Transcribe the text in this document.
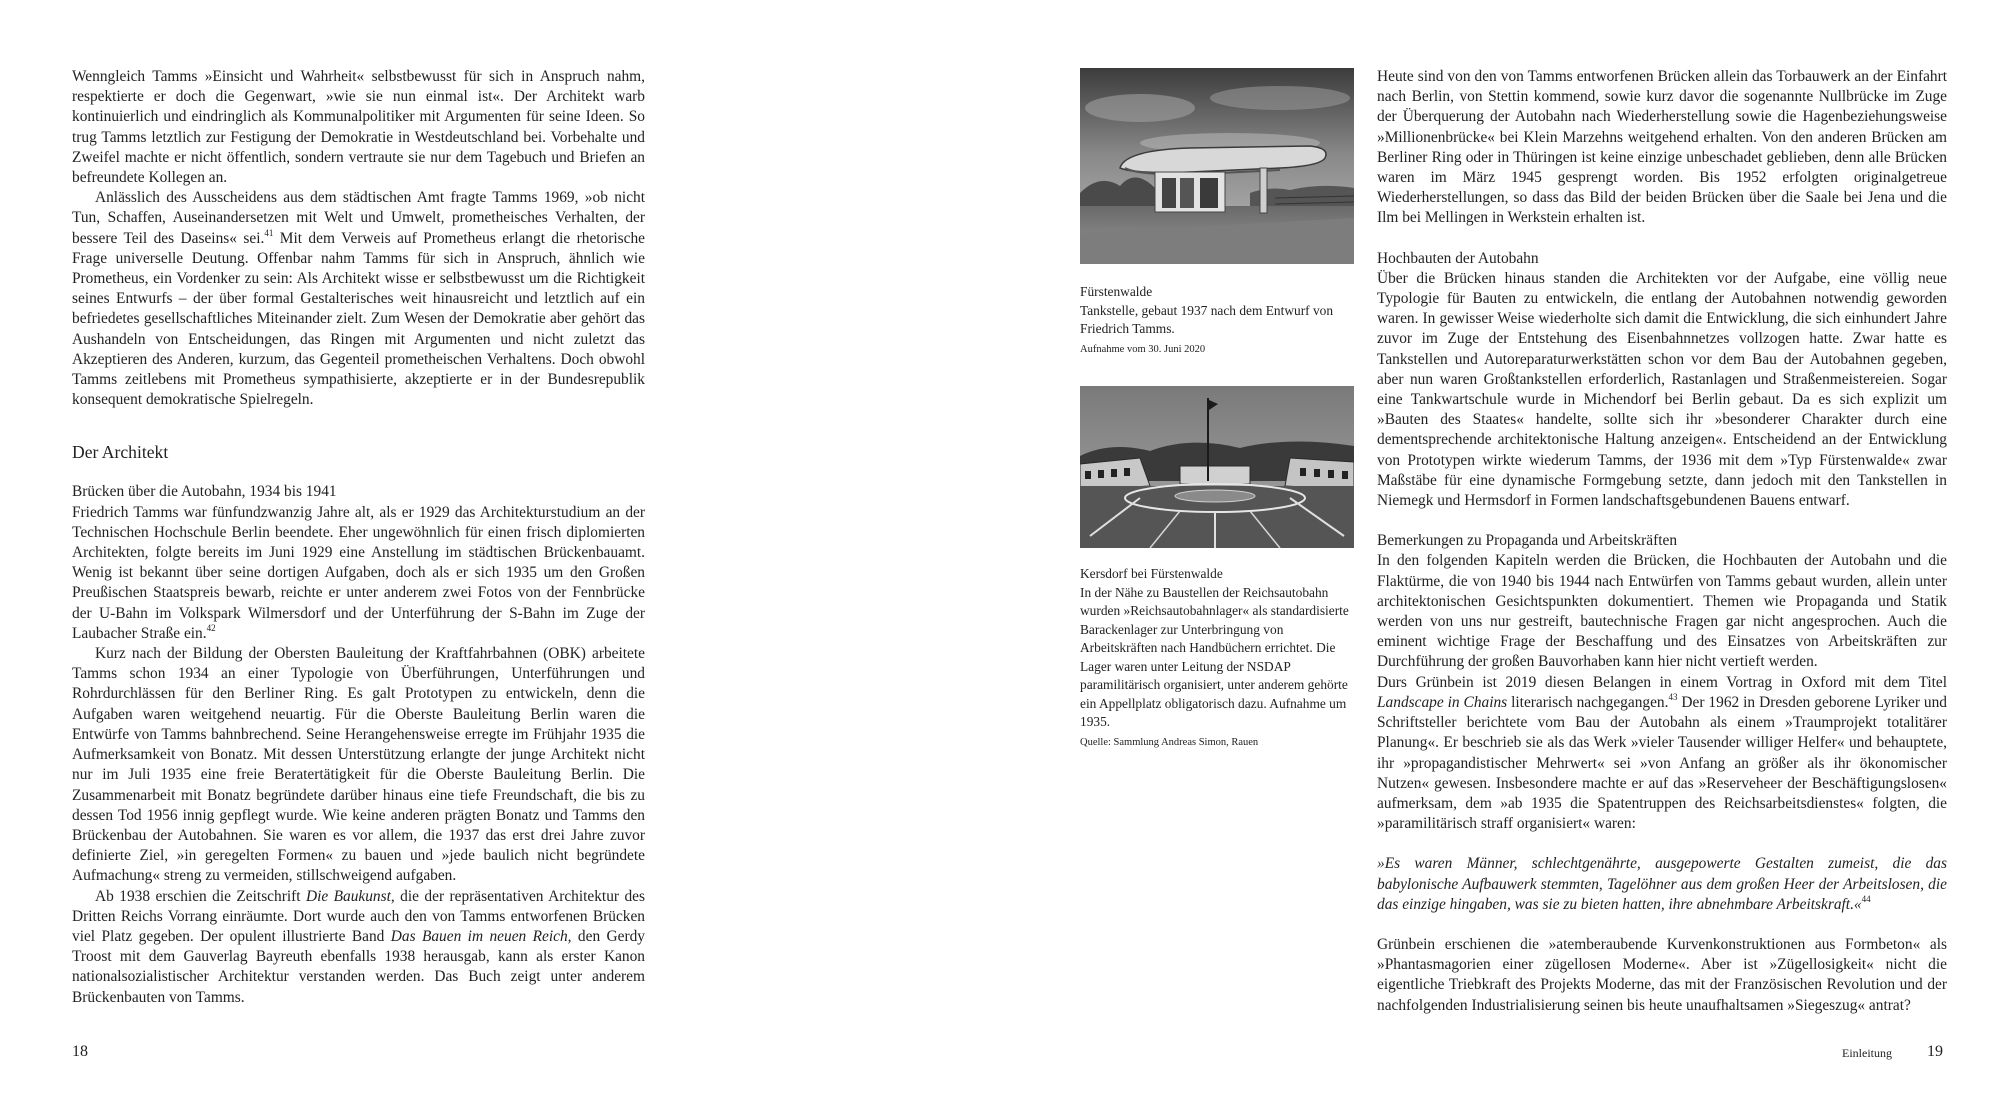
Wenngleich Tamms »Einsicht und Wahrheit« selbstbewusst für sich in Anspruch nahm, respektierte er doch die Gegenwart, »wie sie nun einmal ist«. Der Architekt warb kontinuierlich und eindringlich als Kommunalpolitiker mit Argumenten für seine Ideen. So trug Tamms letztlich zur Festigung der Demokratie in Westdeutschland bei. Vorbehalte und Zweifel machte er nicht öffentlich, sondern vertraute sie nur dem Tagebuch und Briefen an befreundete Kollegen an.

Anlässlich des Ausscheidens aus dem städtischen Amt fragte Tamms 1969, »ob nicht Tun, Schaffen, Auseinandersetzen mit Welt und Umwelt, prometheisches Verhalten, der bessere Teil des Daseins« sei.$^{41}$ Mit dem Verweis auf Prometheus erlangt die rhetorische Frage universelle Deutung. Offenbar nahm Tamms für sich in Anspruch, ähnlich wie Prometheus, ein Vordenker zu sein: Als Architekt wisse er selbstbewusst um die Richtigkeit seines Entwurfs – der über formal Gestalterisches weit hinausreicht und letztlich auf ein befriedetes gesellschaftliches Miteinander zielt. Zum Wesen der Demokratie aber gehört das Aushandeln von Entscheidungen, das Ringen mit Argumenten und nicht zuletzt das Akzeptieren des Anderen, kurzum, das Gegenteil prometheischen Verhaltens. Doch obwohl Tamms zeitlebens mit Prometheus sympathisierte, akzeptierte er in der Bundesrepublik konsequent demokratische Spielregeln.

Der Architekt
Brücken über die Autobahn, 1934 bis 1941

Friedrich Tamms war fünfundzwanzig Jahre alt, als er 1929 das Architekturstudium an der Technischen Hochschule Berlin beendete. Eher ungewöhnlich für einen frisch diplomierten Architekten, folgte bereits im Juni 1929 eine Anstellung im städtischen Brückenbauamt. Wenig ist bekannt über seine dortigen Aufgaben, doch als er sich 1935 um den Großen Preußischen Staatspreis bewarb, reichte er unter anderem zwei Fotos von der Fennbrücke der U-Bahn im Volkspark Wilmersdorf und der Unterführung der S-Bahn im Zuge der Laubacher Straße ein.$^{42}$

Kurz nach der Bildung der Obersten Bauleitung der Kraftfahrbahnen (OBK) arbeitete Tamms schon 1934 an einer Typologie von Überführungen, Unterführungen und Rohrdurchlässen für den Berliner Ring. Es galt Prototypen zu entwickeln, denn die Aufgaben waren weitgehend neuartig. Für die Oberste Bauleitung Berlin waren die Entwürfe von Tamms bahnbrechend. Seine Herangehensweise erregte im Frühjahr 1935 die Aufmerksamkeit von Bonatz. Mit dessen Unterstützung erlangte der junge Architekt nicht nur im Juli 1935 eine freie Beratertätigkeit für die Oberste Bauleitung Berlin. Die Zusammenarbeit mit Bonatz begründete darüber hinaus eine tiefe Freundschaft, die bis zu dessen Tod 1956 innig gepflegt wurde. Wie keine anderen prägten Bonatz und Tamms den Brückenbau der Autobahnen. Sie waren es vor allem, die 1937 das erst drei Jahre zuvor definierte Ziel, »in geregelten Formen« zu bauen und »jede baulich nicht begründete Aufmachung« streng zu vermeiden, stillschweigend aufgaben.

Ab 1938 erschien die Zeitschrift Die Baukunst, die der repräsentativen Architektur des Dritten Reichs Vorrang einräumte. Dort wurde auch den von Tamms entworfenen Brücken viel Platz gegeben. Der opulent illustrierte Band Das Bauen im neuen Reich, den Gerdy Troost mit dem Gauverlag Bayreuth ebenfalls 1938 herausgab, kann als erster Kanon nationalsozialistischer Architektur verstanden werden. Das Buch zeigt unter anderem Brückenbauten von Tamms.

18
Fürstenwalde
Tankstelle, gebaut 1937 nach dem Entwurf von Friedrich Tamms.
Aufnahme vom 30. Juni 2020
Kersdorf bei Fürstenwalde
In der Nähe zu Baustellen der Reichsautobahn wurden »Reichsautobahnlager« als standardisierte Barackenlager zur Unterbringung von Arbeitskräften nach Handbüchern errichtet. Die Lager waren unter Leitung der NSDAP paramilitärisch organisiert, unter anderem gehörte ein Appellplatz obligatorisch dazu. Aufnahme um 1935.
Quelle: Sammlung Andreas Simon, Rauen

Heute sind von den von Tamms entworfenen Brücken allein das Torbauwerk an der Einfahrt nach Berlin, von Stettin kommend, sowie kurz davor die sogenannte Nullbrücke im Zuge der Überquerung der Autobahn nach Wiederherstellung sowie die Hagenbeziehungsweise »Millionenbrücke« bei Klein Marzehns weitgehend erhalten. Von den anderen Brücken am Berliner Ring oder in Thüringen ist keine einzige unbeschadet geblieben, denn alle Brücken waren im März 1945 gesprengt worden. Bis 1952 erfolgten originalgetreue Wiederherstellungen, so dass das Bild der beiden Brücken über die Saale bei Jena und die Ilm bei Mellingen in Werkstein erhalten ist.

Hochbauten der Autobahn

Über die Brücken hinaus standen die Architekten vor der Aufgabe, eine völlig neue Typologie für Bauten zu entwickeln, die entlang der Autobahnen notwendig geworden waren. In gewisser Weise wiederholte sich damit die Entwicklung, die sich einhundert Jahre zuvor im Zuge der Entstehung des Eisenbahnnetzes vollzogen hatte. Zwar hatte es Tankstellen und Autoreparaturwerkstätten schon vor dem Bau der Autobahnen gegeben, aber nun waren Großtankstellen erforderlich, Rastanlagen und Straßenmeistereien. Sogar eine Tankwartschule wurde in Michendorf bei Berlin gebaut. Da es sich explizit um »Bauten des Staates« handelte, sollte sich ihr »besonderer Charakter durch eine dementsprechende architektonische Haltung anzeigen«. Entscheidend an der Entwicklung von Prototypen wirkte wiederum Tamms, der 1936 mit dem »Typ Fürstenwalde« zwar Maßstäbe für eine dynamische Formgebung setzte, dann jedoch mit den Tankstellen in Niemegk und Hermsdorf in Formen landschaftsgebundenen Bauens entwarf.

Bemerkungen zu Propaganda und Arbeitskräften

In den folgenden Kapiteln werden die Brücken, die Hochbauten der Autobahn und die Flaktürme, die von 1940 bis 1944 nach Entwürfen von Tamms gebaut wurden, allein unter architektonischen Gesichtspunkten dokumentiert. Themen wie Propaganda und Statik werden von uns nur gestreift, bautechnische Fragen gar nicht angesprochen. Auch die eminent wichtige Frage der Beschaffung und des Einsatzes von Arbeitskräften zur Durchführung der großen Bauvorhaben kann hier nicht vertieft werden.

Durs Grünbein ist 2019 diesen Belangen in einem Vortrag in Oxford mit dem Titel Landscape in Chains literarisch nachgegangen.$^{43}$ Der 1962 in Dresden geborene Lyriker und Schriftsteller berichtete vom Bau der Autobahn als einem »Traumprojekt totalitärer Planung«. Er beschrieb sie als das Werk »vieler Tausender williger Helfer« und behauptete, ihr »propagandistischer Mehrwert« sei »von Anfang an größer als ihr ökonomischer Nutzen« gewesen. Insbesondere machte er auf das »Reserveheer der Beschäftigungslosen« aufmerksam, dem »ab 1935 die Spatentruppen des Reichsarbeitsdienstes« folgten, die »paramilitärisch straff organisiert« waren:

»Es waren Männer, schlechtgenährte, ausgepowerte Gestalten zumeist, die das babylonische Aufbauwerk stemmten, Tagelöhner aus dem großen Heer der Arbeitslosen, die das einzige hingaben, was sie zu bieten hatten, ihre abnehmbare Arbeitskraft.«$^{44}$

Grünbein erschienen die »atemberaubende Kurvenkonstruktionen aus Formbeton« als »Phantasmagorien einer zügellosen Moderne«. Aber ist »Zügellosigkeit« nicht die eigentliche Triebkraft des Projekts Moderne, das mit der Französischen Revolution und der nachfolgenden Industrialisierung seinen bis heute unaufhaltsamen »Siegeszug« antrat?

Einleitung 19
